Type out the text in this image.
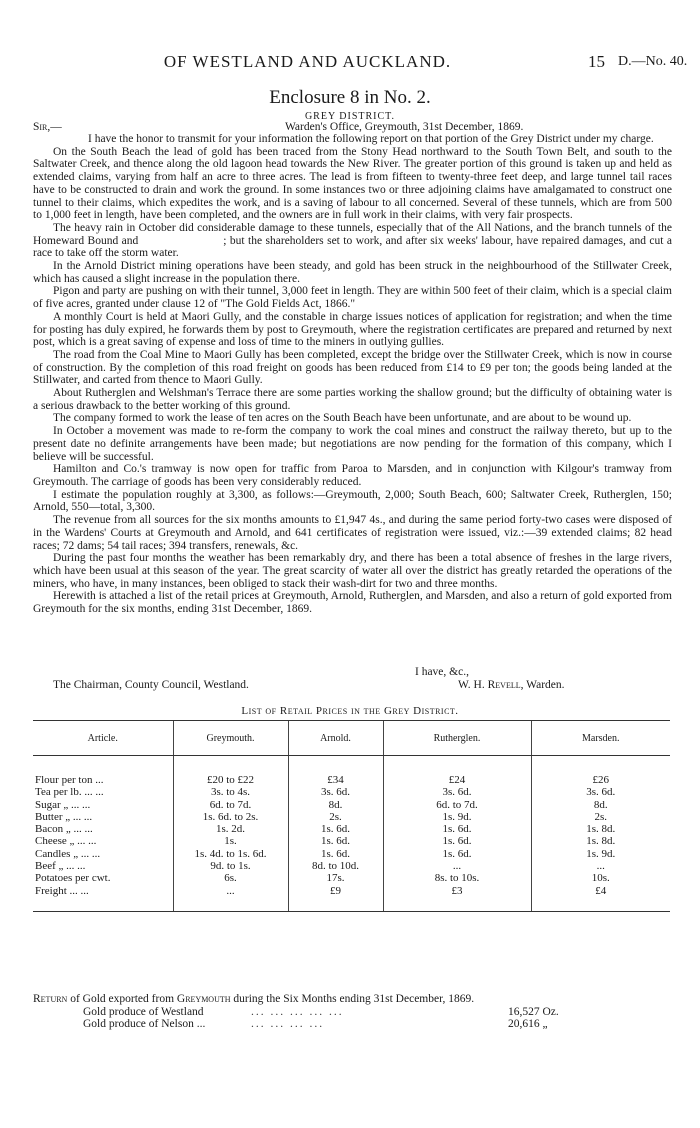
OF WESTLAND AND AUCKLAND.	15 D.—No. 40.
Enclosure 8 in No. 2.
GREY DISTRICT.
Sir,—	Warden's Office, Greymouth, 31st December, 1869.

I have the honor to transmit for your information the following report on that portion of the Grey District under my charge.

On the South Beach the lead of gold has been traced from the Stony Head northward to the South Town Belt, and south to the Saltwater Creek, and thence along the old lagoon head towards the New River. The greater portion of this ground is taken up and held as extended claims, varying from half an acre to three acres. The lead is from fifteen to twenty-three feet deep, and large tunnel tail races have to be constructed to drain and work the ground. In some instances two or three adjoining claims have amalgamated to construct one tunnel to their claims, which expedites the work, and is a saving of labour to all concerned. Several of these tunnels, which are from 500 to 1,000 feet in length, have been completed, and the owners are in full work in their claims, with very fair prospects.

The heavy rain in October did considerable damage to these tunnels, especially that of the All Nations, and the branch tunnels of the Homeward Bound and	; but the shareholders set to work, and after six weeks' labour, have repaired damages, and cut a race to take off the storm water.

In the Arnold District mining operations have been steady, and gold has been struck in the neighbourhood of the Stillwater Creek, which has caused a slight increase in the population there.

Pigon and party are pushing on with their tunnel, 3,000 feet in length. They are within 500 feet of their claim, which is a special claim of five acres, granted under clause 12 of "The Gold Fields Act, 1866."

A monthly Court is held at Maori Gully, and the constable in charge issues notices of application for registration; and when the time for posting has duly expired, he forwards them by post to Greymouth, where the registration certificates are prepared and returned by next post, which is a great saving of expense and loss of time to the miners in outlying gullies.

The road from the Coal Mine to Maori Gully has been completed, except the bridge over the Stillwater Creek, which is now in course of construction. By the completion of this road freight on goods has been reduced from £14 to £9 per ton; the goods being landed at the Stillwater, and carted from thence to Maori Gully.

About Rutherglen and Welshman's Terrace there are some parties working the shallow ground; but the difficulty of obtaining water is a serious drawback to the better working of this ground.

The company formed to work the lease of ten acres on the South Beach have been unfortunate, and are about to be wound up.

In October a movement was made to re-form the company to work the coal mines and construct the railway thereto, but up to the present date no definite arrangements have been made; but negotiations are now pending for the formation of this company, which I believe will be successful.

Hamilton and Co.'s tramway is now open for traffic from Paroa to Marsden, and in conjunction with Kilgour's tramway from Greymouth. The carriage of goods has been very considerably reduced.

I estimate the population roughly at 3,300, as follows:—Greymouth, 2,000; South Beach, 600; Saltwater Creek, Rutherglen, 150; Arnold, 550—total, 3,300.

The revenue from all sources for the six months amounts to £1,947 4s., and during the same period forty-two cases were disposed of in the Wardens' Courts at Greymouth and Arnold, and 641 certificates of registration were issued, viz.:—39 extended claims; 82 head races; 72 dams; 54 tail races; 394 transfers, renewals, &c.

During the past four months the weather has been remarkably dry, and there has been a total absence of freshes in the large rivers, which have been usual at this season of the year. The great scarcity of water all over the district has greatly retarded the operations of the miners, who have, in many instances, been obliged to stack their wash-dirt for two and three months.

Herewith is attached a list of the retail prices at Greymouth, Arnold, Rutherglen, and Marsden, and also a return of gold exported from Greymouth for the six months, ending 31st December, 1869.

I have, &c.,
The Chairman, County Council, Westland.	W. H. Revell, Warden.
List of Retail Prices in the Grey District.
Article.	Greymouth.	Arnold.	Rutherglen.	Marsden.

Flour per ton ...	£20 to £22	£34	£24	£26
Tea per lb. ... ...	3s. to 4s.	3s. 6d.	3s. 6d.	3s. 6d.
Sugar „ ... ...	6d. to 7d.	8d.	6d. to 7d.	8d.
Butter „ ... ...	1s. 6d. to 2s.	2s.	1s. 9d.	2s.
Bacon „ ... ...	1s. 2d.	1s. 6d.	1s. 6d.	1s. 8d.
Cheese „ ... ...	1s.	1s. 6d.	1s. 6d.	1s. 8d.
Candles „ ... ...	1s. 4d. to 1s. 6d.	1s. 6d.	1s. 6d.	1s. 9d.
Beef „ ... ...	9d. to 1s.	8d. to 10d.	...	...
Potatoes per cwt.	6s.	17s.	8s. to 10s.	10s.
Freight ... ...	...	£9	£3	£4

Return of Gold exported from Greymouth during the Six Months ending 31st December, 1869.
Gold produce of Westland	... ... ... ... ...	16,527 Oz.
Gold produce of Nelson ...	... ... ... ...	20,616 „
